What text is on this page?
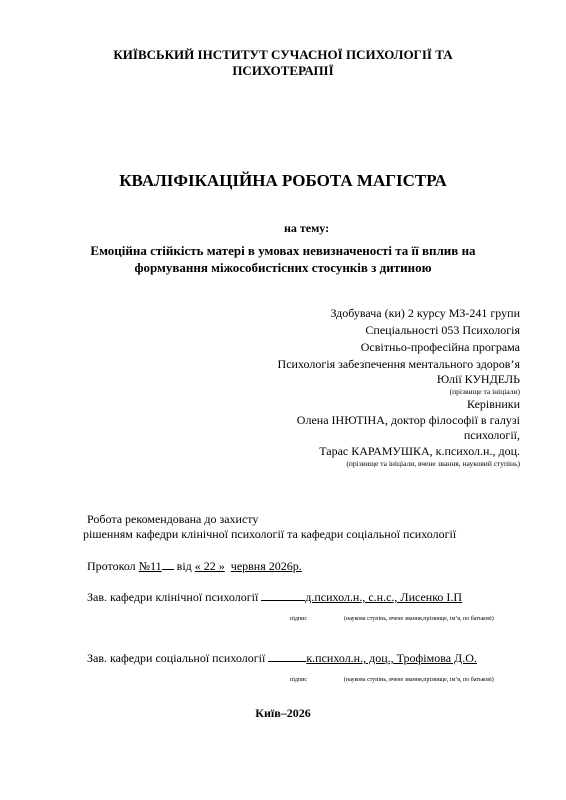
КИЇВСЬКИЙ ІНСТИТУТ СУЧАСНОЇ ПСИХОЛОГІЇ ТА
ПСИХОТЕРАПІЇ
КВАЛІФІКАЦІЙНА РОБОТА МАГІСТРА
на тему:
Емоційна стійкість матері в умовах невизначеності та її вплив на
формування міжособистісних стосунків з дитиною
Здобувача (ки) 2 курсу МЗ-241 групи
Спеціальності 053 Психологія
Освітньо-професійна програма
Психологія забезпечення ментального здоров’я
Юлії КУНДЕЛЬ
(прізвище та ініціали)
Керівники
Олена ІНЮТІНА, доктор філософії в галузі
психології,
Тарас КАРАМУШКА, к.психол.н., доц.
(прізвище та ініціали, вчене звання, науковий ступінь)
Робота рекомендована до захисту
рішенням кафедри клінічної психології та кафедри соціальної психології
Протокол №11 від « 22 » червня 2026р.
Зав. кафедри клінічної психології	д.психол.н., с.н.с., Лисенко І.П
підпис	(наукова ступінь, вчене звання,прізвище, ім’я, по батькові)
Зав. кафедри соціальної психології	к.психол.н., доц., Трофімова Д.О.
підпис	(наукова ступінь, вчене звання,прізвище, ім’я, по батькові)
Київ–2026
